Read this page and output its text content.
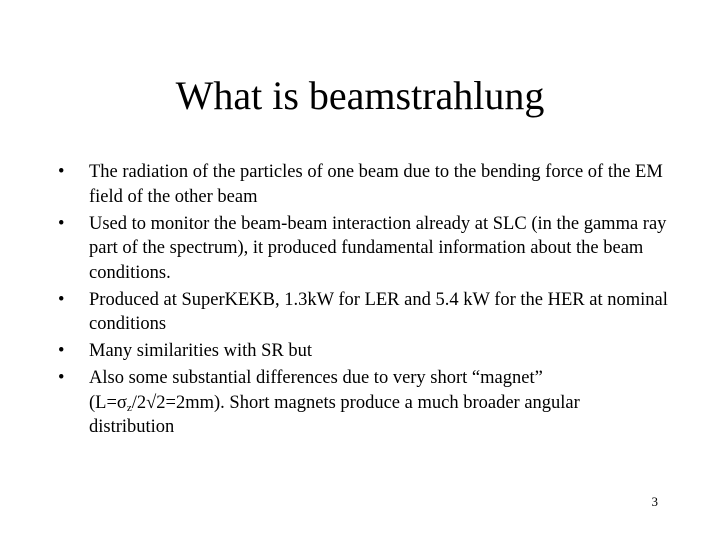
What is beamstrahlung
•	The radiation of the particles of one beam due to the bending force of the EM field of the other beam
•	Used to monitor the beam-beam interaction already at SLC (in the gamma ray part of the spectrum), it produced fundamental information about the beam conditions.
•	Produced at SuperKEKB, 1.3kW for LER and 5.4 kW for the HER at nominal conditions
•	Many similarities with SR but
•	Also some substantial differences due to very short “magnet” $(L=\sigma_z/2√2=2mm)$. Short magnets produce a much broader angular distribution
3
